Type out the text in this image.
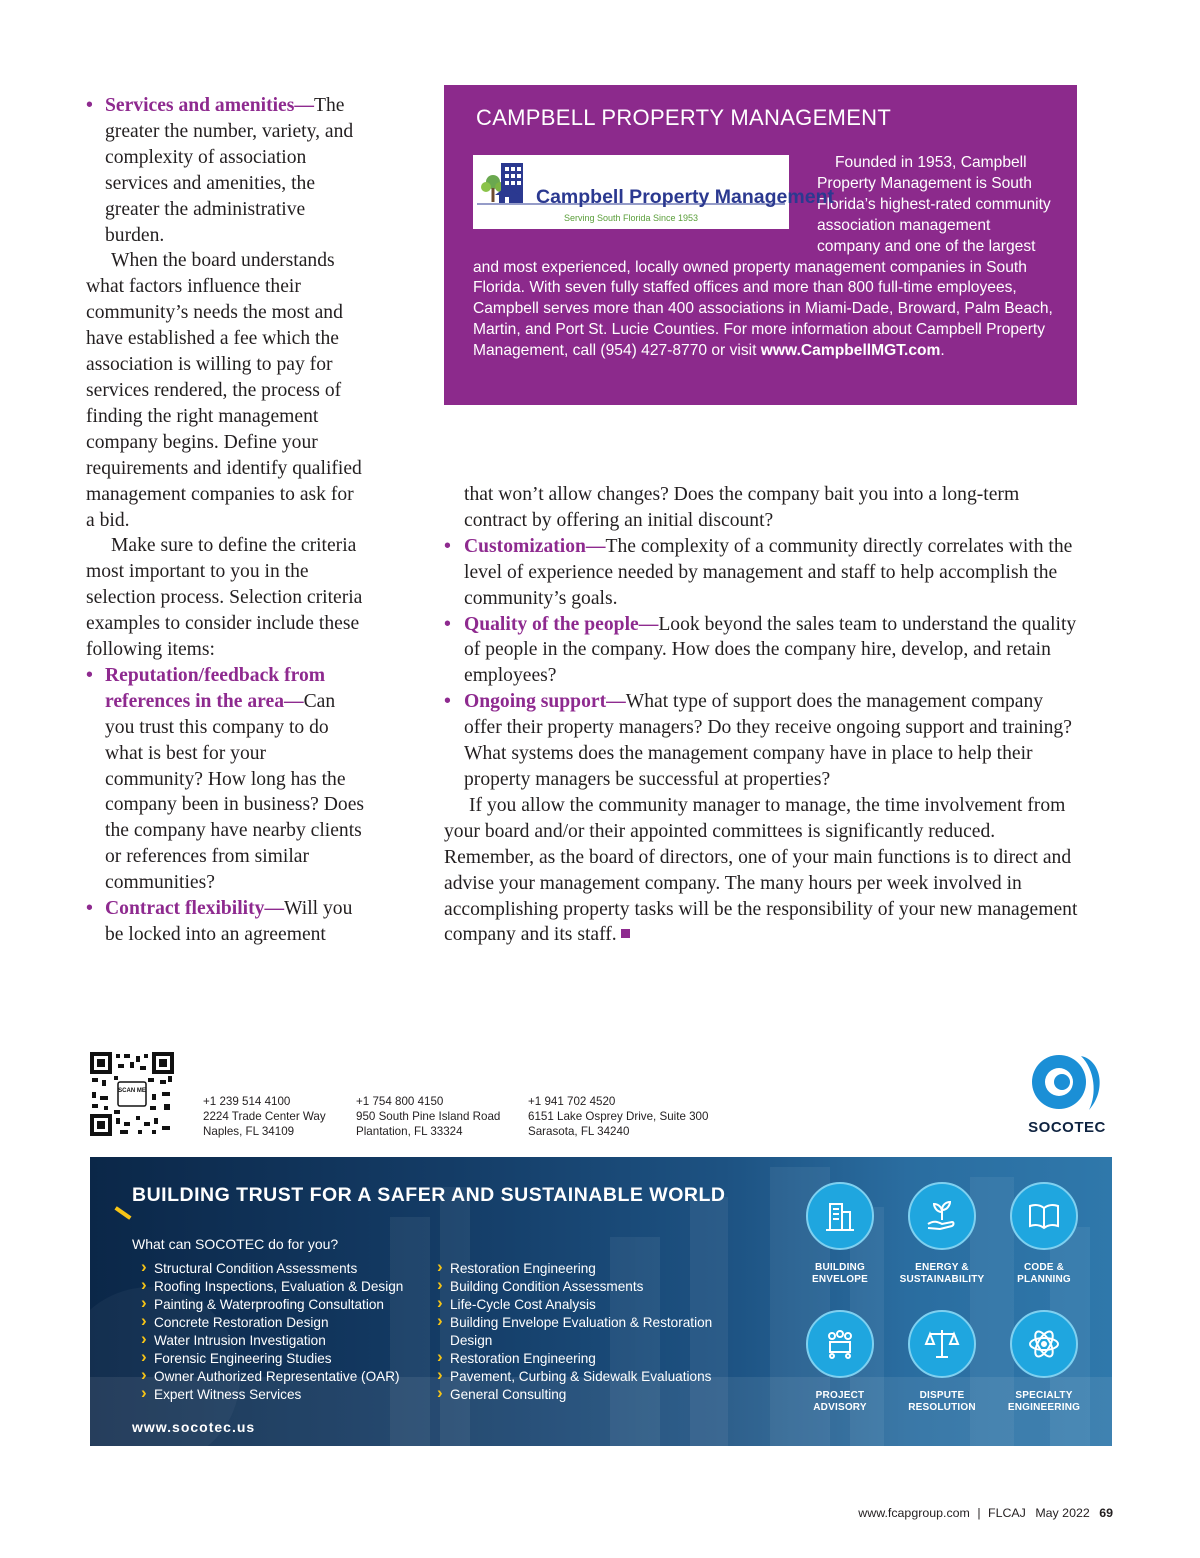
• Services and amenities—The greater the number, variety, and complexity of association services and amenities, the greater the administrative burden.

When the board understands what factors influence their community’s needs the most and have established a fee which the association is willing to pay for services rendered, the process of finding the right management company begins. Define your requirements and identify qualified management companies to ask for a bid.

Make sure to define the criteria most important to you in the selection process. Selection criteria examples to consider include these following items:

• Reputation/feedback from references in the area—Can you trust this company to do what is best for your community? How long has the company been in business? Does the company have nearby clients or references from similar communities?

• Contract flexibility—Will you be locked into an agreement

CAMPBELL PROPERTY MANAGEMENT

Founded in 1953, Campbell Property Management is South Florida’s highest-rated community association management company and one of the largest and most experienced, locally owned property management companies in South Florida. With seven fully staffed offices and more than 800 full-time employees, Campbell serves more than 400 associations in Miami-Dade, Broward, Palm Beach, Martin, and Port St. Lucie Counties. For more information about Campbell Property Management, call (954) 427-8770 or visit www.CampbellMGT.com.

Campbell Property Management
Serving South Florida Since 1953

that won’t allow changes? Does the company bait you into a long-term contract by offering an initial discount?

• Customization—The complexity of a community directly correlates with the level of experience needed by management and staff to help accomplish the community’s goals.

• Quality of the people—Look beyond the sales team to understand the quality of people in the company. How does the company hire, develop, and retain employees?

• Ongoing support—What type of support does the management company offer their property managers? Do they receive ongoing support and training? What systems does the management company have in place to help their property managers be successful at properties?

If you allow the community manager to manage, the time involvement from your board and/or their appointed committees is significantly reduced. Remember, as the board of directors, one of your main functions is to direct and advise your management company. The many hours per week involved in accomplishing property tasks will be the responsibility of your new management company and its staff.

SCAN ME

+1 239 514 4100

2224 Trade Center Way

Naples, FL 34109

+1 754 800 4150

950 South Pine Island Road

Plantation, FL 33324

+1 941 702 4520

6151 Lake Osprey Drive, Suite 300

Sarasota, FL 34240	SOCOTEC
BUILDING TRUST FOR A SAFER AND SUSTAINABLE WORLD

What can SOCOTEC do for you?

› Structural Condition Assessments
› Roofing Inspections, Evaluation & Design
› Painting & Waterproofing Consultation
› Concrete Restoration Design
› Water Intrusion Investigation
› Forensic Engineering Studies
› Owner Authorized Representative (OAR)
› Expert Witness Services
› Restoration Engineering
› Building Condition Assessments
› Life-Cycle Cost Analysis
› Building Envelope Evaluation & Restoration Design
› Restoration Engineering
› Pavement, Curbing & Sidewalk Evaluations
› General Consulting

www.socotec.us

BUILDING
ENVELOPE
ENERGY &
SUSTAINABILITY
CODE &
PLANNING
PROJECT
ADVISORY
DISPUTE
RESOLUTION
SPECIALTY
ENGINEERING
www.fcapgroup.com | FLCAJ May 2022 69
